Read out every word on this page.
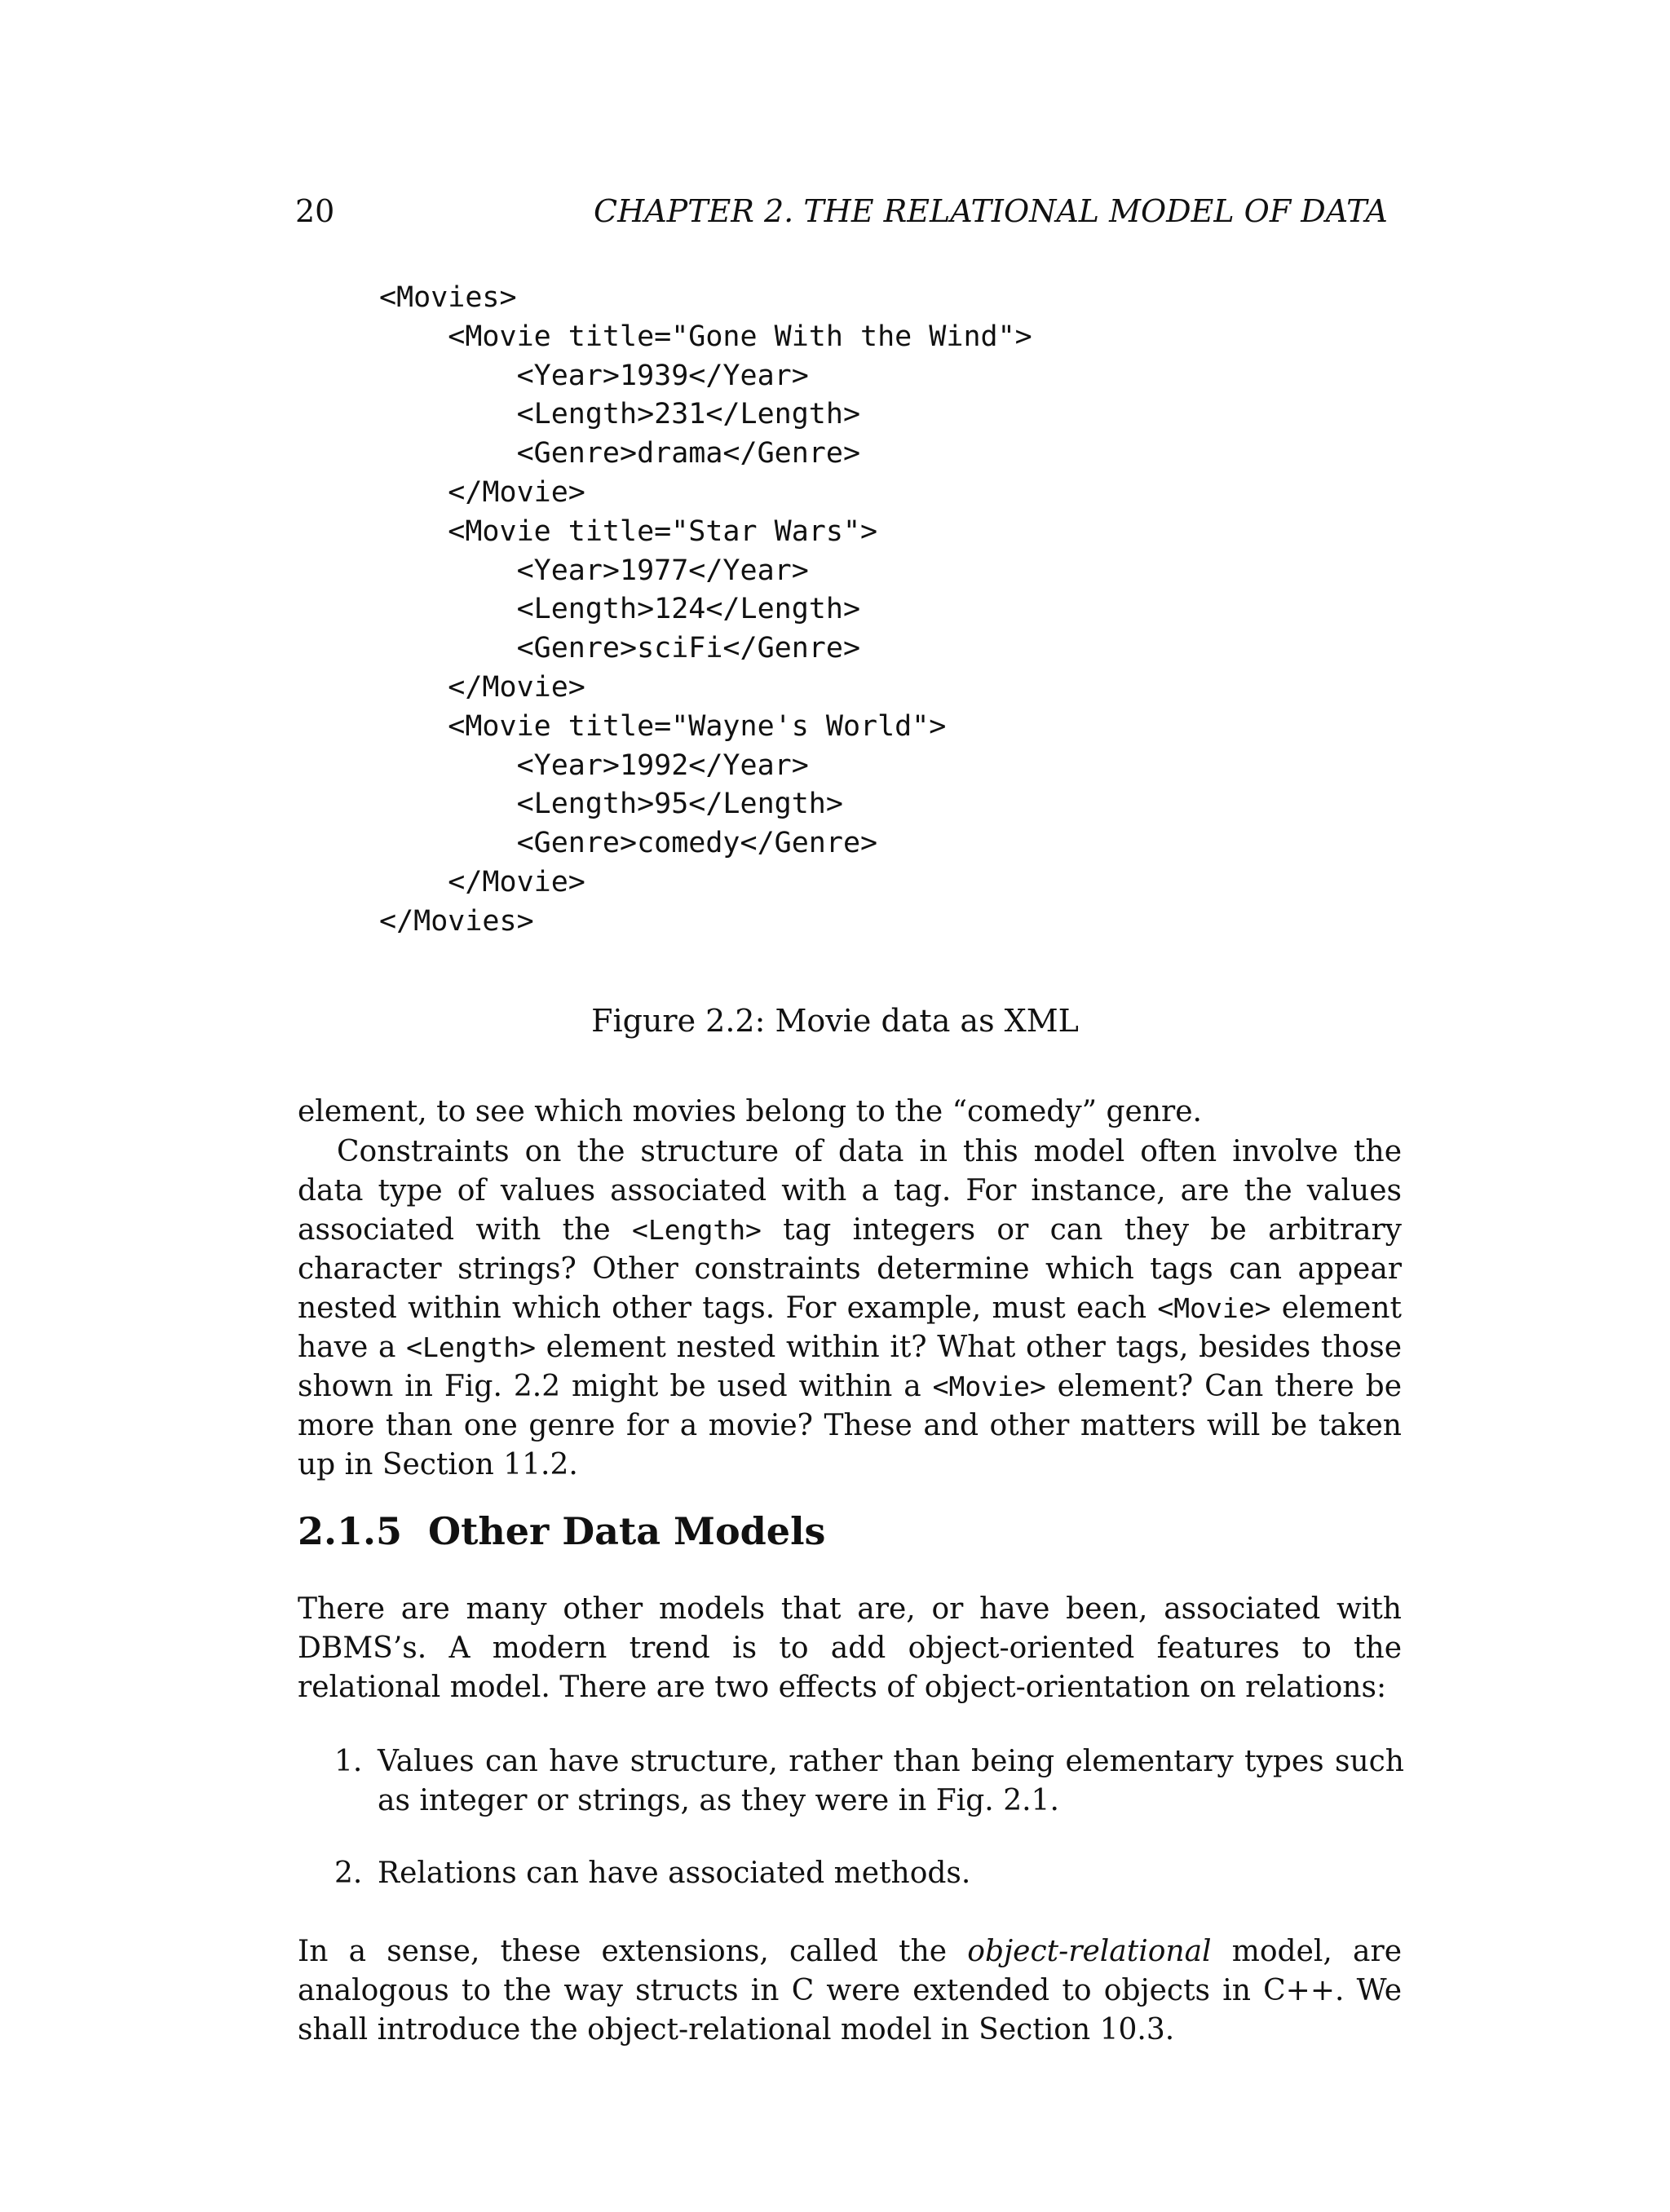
20	CHAPTER 2. THE RELATIONAL MODEL OF DATA
<Movies>
<Movie title="Gone With the Wind">
<Year>1939</Year>
<Length>231</Length>
<Genre>drama</Genre>
</Movie>
<Movie title="Star Wars">
<Year>1977</Year>
<Length>124</Length>
<Genre>sciFi</Genre>
</Movie>
<Movie title="Wayne's World">
<Year>1992</Year>
<Length>95</Length>
<Genre>comedy</Genre>
</Movie>
</Movies>
Figure 2.2: Movie data as XML

element, to see which movies belong to the “comedy” genre.

Constraints on the structure of data in this model often involve the data type of values associated with a tag. For instance, are the values associated with the <Length> tag integers or can they be arbitrary character strings? Other constraints determine which tags can appear nested within which other tags. For example, must each <Movie> element have a <Length> element nested within it? What other tags, besides those shown in Fig. 2.2 might be used within a <Movie> element? Can there be more than one genre for a movie? These and other matters will be taken up in Section 11.2.

2.1.5 Other Data Models

There are many other models that are, or have been, associated with DBMS’s. A modern trend is to add object-oriented features to the relational model. There are two effects of object-orientation on relations:

1. Values can have structure, rather than being elementary types such as integer or strings, as they were in Fig. 2.1.
2. Relations can have associated methods.

In a sense, these extensions, called the object-relational model, are analogous to the way structs in C were extended to objects in C++. We shall introduce the object-relational model in Section 10.3.
